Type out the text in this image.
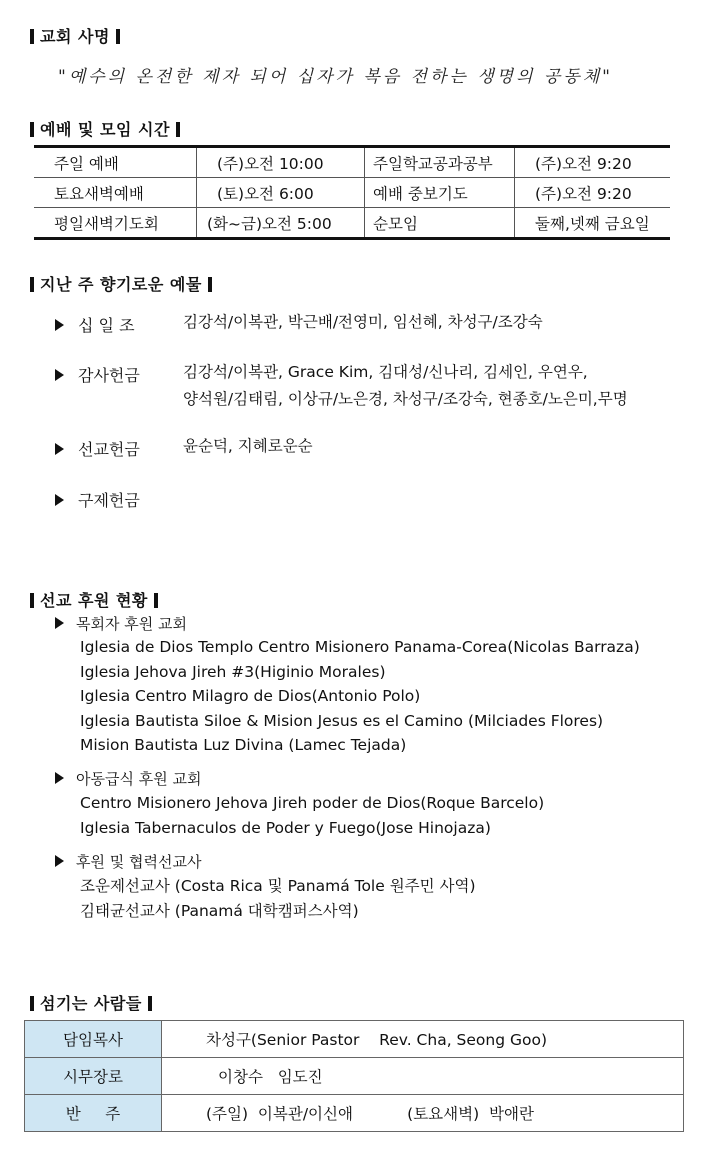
교회 사명
"예수의 온전한 제자 되어 십자가 복음 전하는 생명의 공동체"
예배 및 모임 시간
주일 예배	(주)오전 10:00	주일학교공과공부	(주)오전 9:20
토요새벽예배	(토)오전 6:00	예배 중보기도	(주)오전 9:20
평일새벽기도회	(화~금)오전 5:00	순모임	둘째,넷째 금요일
지난 주 향기로운 예물
십 일 조	김강석/이복관, 박근배/전영미, 임선혜, 차성구/조강숙
감사헌금	김강석/이복관, Grace Kim, 김대성/신나리, 김세인, 우연우,
양석원/김태림, 이상규/노은경, 차성구/조강숙, 현종호/노은미,무명
선교헌금	윤순덕, 지혜로운순
구제헌금
선교 후원 현황
목회자 후원 교회
Iglesia de Dios Templo Centro Misionero Panama-Corea(Nicolas Barraza)
Iglesia Jehova Jireh #3(Higinio Morales)
Iglesia Centro Milagro de Dios(Antonio Polo)
Iglesia Bautista Siloe & Mision Jesus es el Camino (Milciades Flores)
Mision Bautista Luz Divina (Lamec Tejada)
아동급식 후원 교회
Centro Misionero Jehova Jireh poder de Dios(Roque Barcelo)
Iglesia Tabernaculos de Poder y Fuego(Jose Hinojaza)
후원 및 협력선교사
조운제선교사 (Costa Rica 및 Panamá Tole 원주민 사역)
김태균선교사 (Panamá 대학캠퍼스사역)
섬기는 사람들
담임목사	차성구(Senior Pastor    Rev. Cha, Seong Goo)
시무장로	이창수   임도진
반     주	(주일)  이복관/이신애           (토요새벽)  박애란
